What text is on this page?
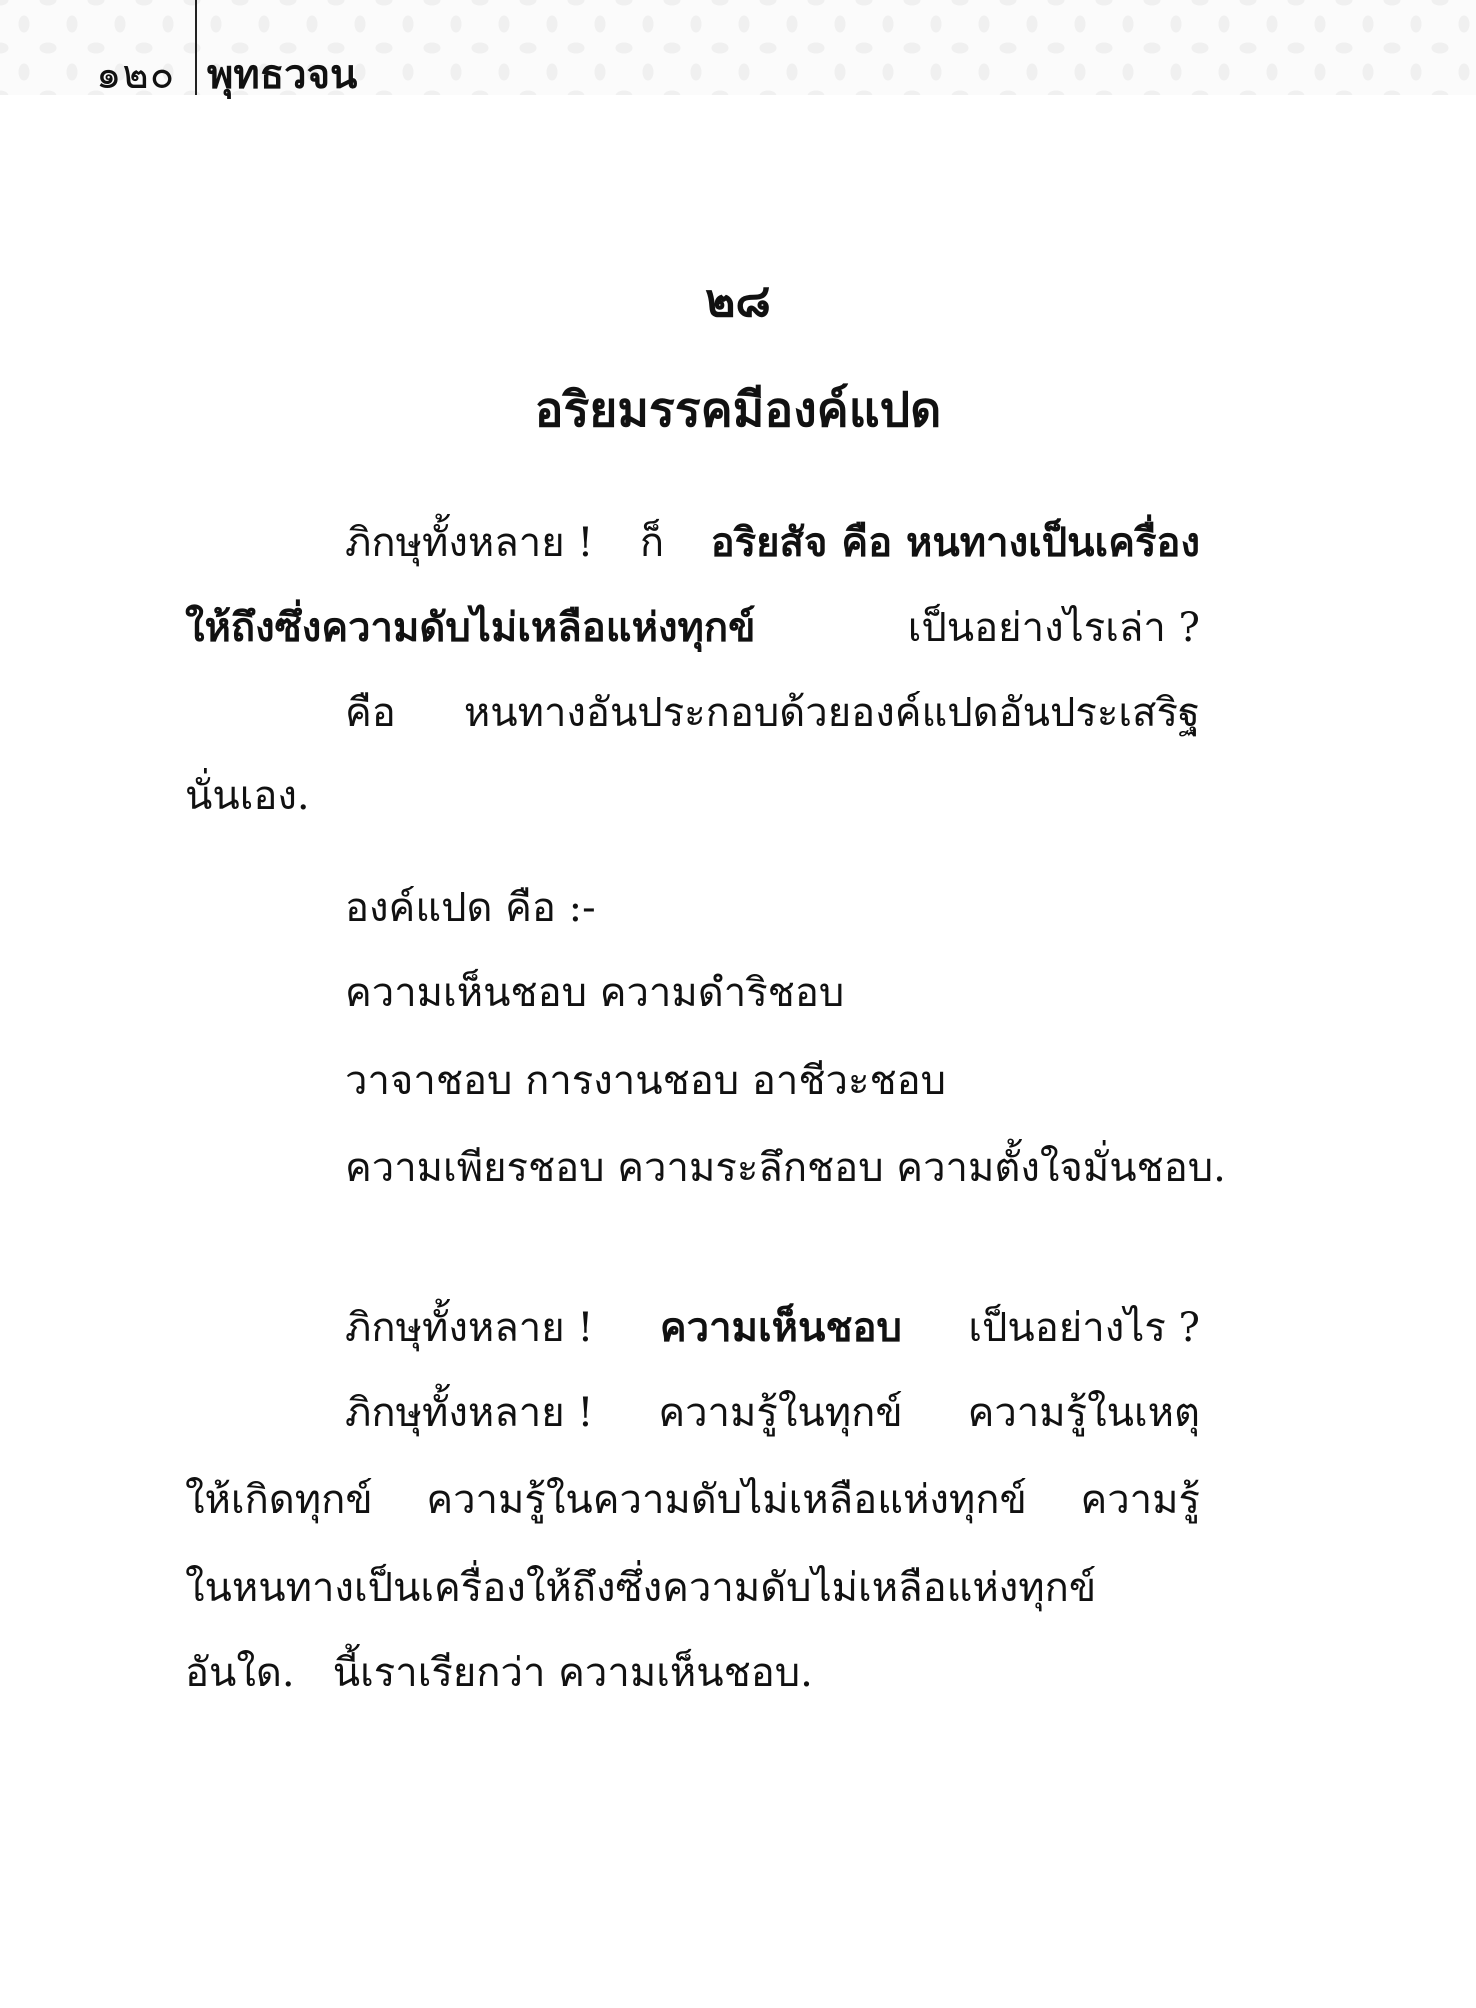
๑๒๐ พุทธวจน
๒๘
อริยมรรคมีองค์แปด
ภิกษุทั้งหลาย ! ก็ อริยสัจ คือ หนทางเป็นเครื่อง
ให้ถึงซึ่งความดับไม่เหลือแห่งทุกข์	เป็นอย่างไรเล่า ?
คือ หนทางอันประกอบด้วยองค์แปดอันประเสริฐ
นั่นเอง.
องค์แปด คือ :-
ความเห็นชอบ ความดำริชอบ
วาจาชอบ การงานชอบ อาชีวะชอบ
ความเพียรชอบ ความระลึกชอบ ความตั้งใจมั่นชอบ.
ภิกษุทั้งหลาย ! ความเห็นชอบ เป็นอย่างไร ?
ภิกษุทั้งหลาย ! ความรู้ในทุกข์ ความรู้ในเหตุ
ให้เกิดทุกข์ ความรู้ในความดับไม่เหลือแห่งทุกข์ ความรู้
ในหนทางเป็นเครื่องให้ถึงซึ่งความดับไม่เหลือแห่งทุกข์
อันใด. นี้เราเรียกว่า ความเห็นชอบ.
